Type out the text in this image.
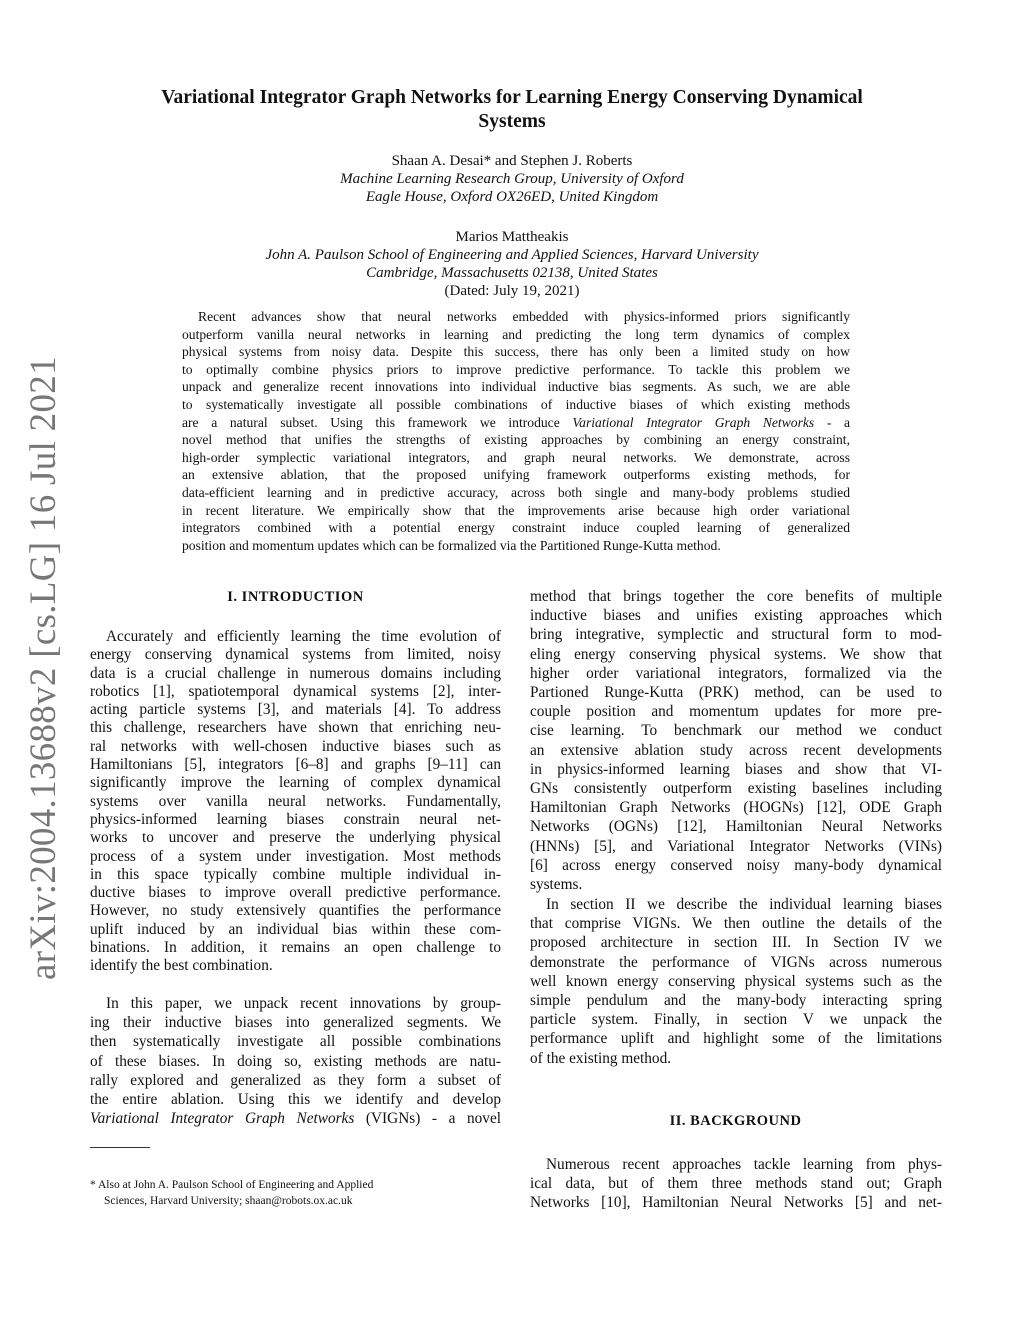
arXiv:2004.13688v2 [cs.LG] 16 Jul 2021
Variational Integrator Graph Networks for Learning Energy Conserving Dynamical
Systems
Shaan A. Desai* and Stephen J. Roberts
Machine Learning Research Group, University of Oxford
Eagle House, Oxford OX26ED, United Kingdom
Marios Mattheakis
John A. Paulson School of Engineering and Applied Sciences, Harvard University
Cambridge, Massachusetts 02138, United States
(Dated: July 19, 2021)
Recent advances show that neural networks embedded with physics-informed priors significantly
outperform vanilla neural networks in learning and predicting the long term dynamics of complex
physical systems from noisy data. Despite this success, there has only been a limited study on how
to optimally combine physics priors to improve predictive performance. To tackle this problem we
unpack and generalize recent innovations into individual inductive bias segments. As such, we are able
to systematically investigate all possible combinations of inductive biases of which existing methods
are a natural subset. Using this framework we introduce Variational Integrator Graph Networks - a
novel method that unifies the strengths of existing approaches by combining an energy constraint,
high-order symplectic variational integrators, and graph neural networks. We demonstrate, across
an extensive ablation, that the proposed unifying framework outperforms existing methods, for
data-efficient learning and in predictive accuracy, across both single and many-body problems studied
in recent literature. We empirically show that the improvements arise because high order variational
integrators combined with a potential energy constraint induce coupled learning of generalized
position and momentum updates which can be formalized via the Partitioned Runge-Kutta method.
I. INTRODUCTION
Accurately and efficiently learning the time evolution of
energy conserving dynamical systems from limited, noisy
data is a crucial challenge in numerous domains including
robotics [1], spatiotemporal dynamical systems [2], inter-
acting particle systems [3], and materials [4]. To address
this challenge, researchers have shown that enriching neu-
ral networks with well-chosen inductive biases such as
Hamiltonians [5], integrators [6–8] and graphs [9–11] can
significantly improve the learning of complex dynamical
systems over vanilla neural networks. Fundamentally,
physics-informed learning biases constrain neural net-
works to uncover and preserve the underlying physical
process of a system under investigation. Most methods
in this space typically combine multiple individual in-
ductive biases to improve overall predictive performance.
However, no study extensively quantifies the performance
uplift induced by an individual bias within these com-
binations. In addition, it remains an open challenge to
identify the best combination.
In this paper, we unpack recent innovations by group-
ing their inductive biases into generalized segments. We
then systematically investigate all possible combinations
of these biases. In doing so, existing methods are natu-
rally explored and generalized as they form a subset of
the entire ablation. Using this we identify and develop
Variational Integrator Graph Networks (VIGNs) - a novel
method that brings together the core benefits of multiple
inductive biases and unifies existing approaches which
bring integrative, symplectic and structural form to mod-
eling energy conserving physical systems. We show that
higher order variational integrators, formalized via the
Partioned Runge-Kutta (PRK) method, can be used to
couple position and momentum updates for more pre-
cise learning. To benchmark our method we conduct
an extensive ablation study across recent developments
in physics-informed learning biases and show that VI-
GNs consistently outperform existing baselines including
Hamiltonian Graph Networks (HOGNs) [12], ODE Graph
Networks (OGNs) [12], Hamiltonian Neural Networks
(HNNs) [5], and Variational Integrator Networks (VINs)
[6] across energy conserved noisy many-body dynamical
systems.
In section II we describe the individual learning biases
that comprise VIGNs. We then outline the details of the
proposed architecture in section III. In Section IV we
demonstrate the performance of VIGNs across numerous
well known energy conserving physical systems such as the
simple pendulum and the many-body interacting spring
particle system. Finally, in section V we unpack the
performance uplift and highlight some of the limitations
of the existing method.
II. BACKGROUND
Numerous recent approaches tackle learning from phys-
ical data, but of them three methods stand out; Graph
Networks [10], Hamiltonian Neural Networks [5] and net-
* Also at John A. Paulson School of Engineering and Applied
Sciences, Harvard University; shaan@robots.ox.ac.uk
